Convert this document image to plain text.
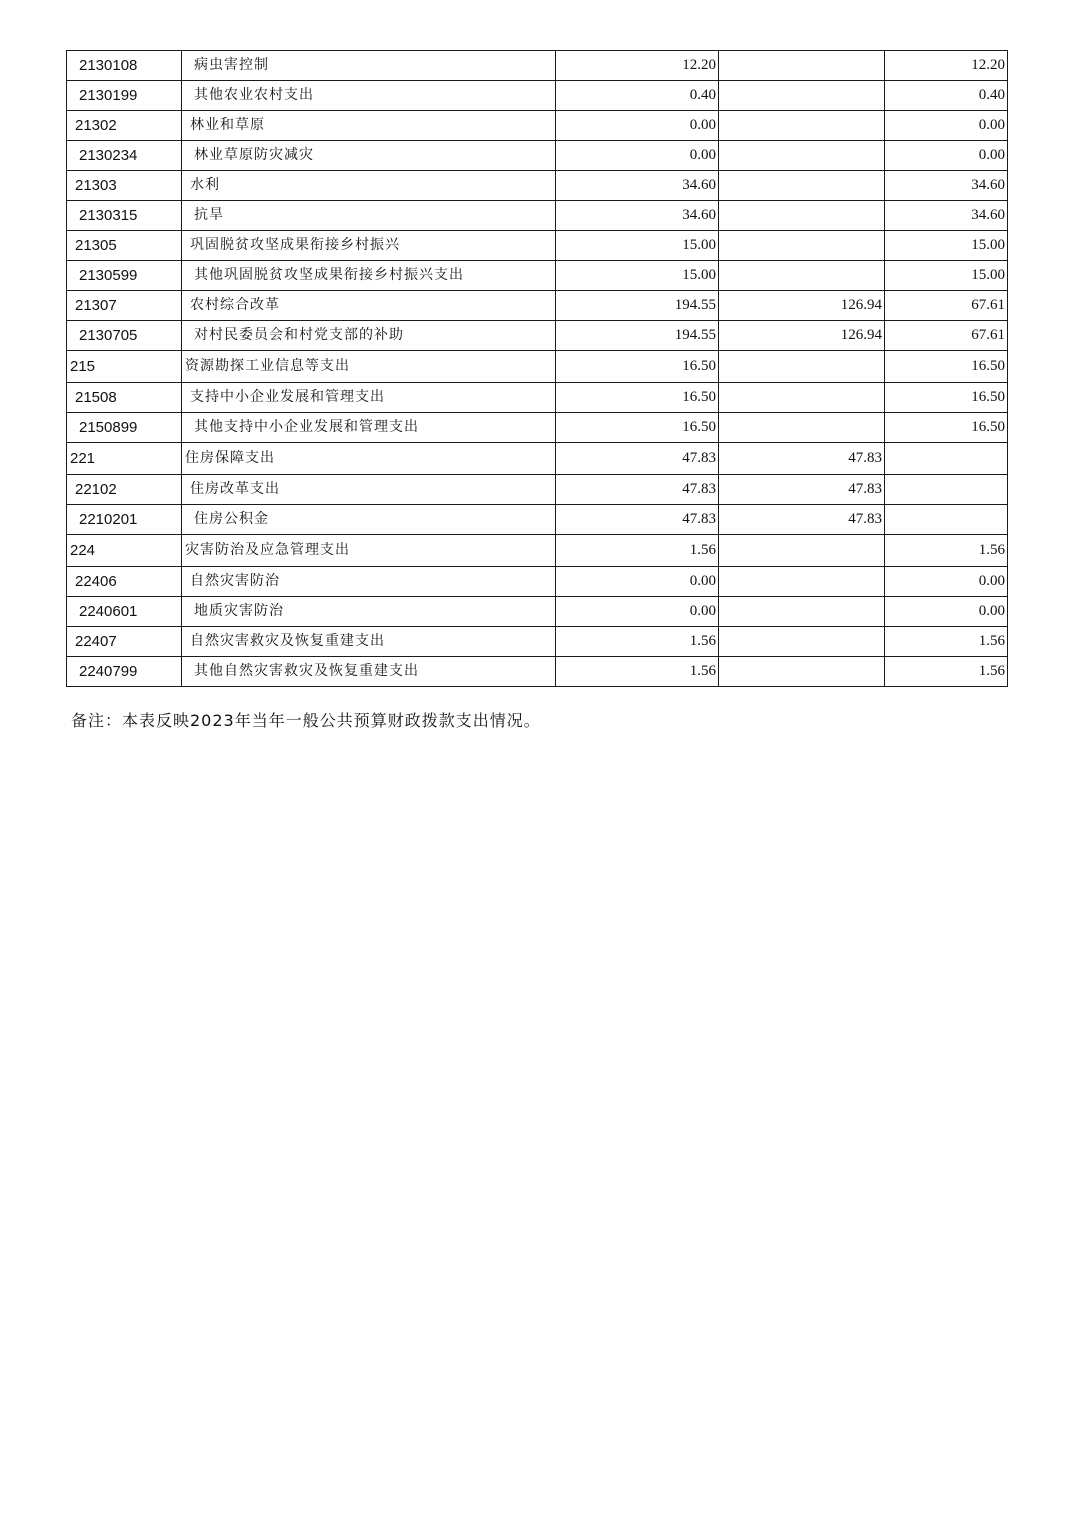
2130108	病虫害控制	12.20		12.20
2130199	其他农业农村支出	0.40		0.40
21302	林业和草原	0.00		0.00
2130234	林业草原防灾减灾	0.00		0.00
21303	水利	34.60		34.60
2130315	抗旱	34.60		34.60
21305	巩固脱贫攻坚成果衔接乡村振兴	15.00		15.00
2130599	其他巩固脱贫攻坚成果衔接乡村振兴支出	15.00		15.00
21307	农村综合改革	194.55	126.94	67.61
2130705	对村民委员会和村党支部的补助	194.55	126.94	67.61
215	资源勘探工业信息等支出	16.50		16.50
21508	支持中小企业发展和管理支出	16.50		16.50
2150899	其他支持中小企业发展和管理支出	16.50		16.50
221	住房保障支出	47.83	47.83	
22102	住房改革支出	47.83	47.83	
2210201	住房公积金	47.83	47.83	
224	灾害防治及应急管理支出	1.56		1.56
22406	自然灾害防治	0.00		0.00
2240601	地质灾害防治	0.00		0.00
22407	自然灾害救灾及恢复重建支出	1.56		1.56
2240799	其他自然灾害救灾及恢复重建支出	1.56		1.56
备注：本表反映2023年当年一般公共预算财政拨款支出情况。
